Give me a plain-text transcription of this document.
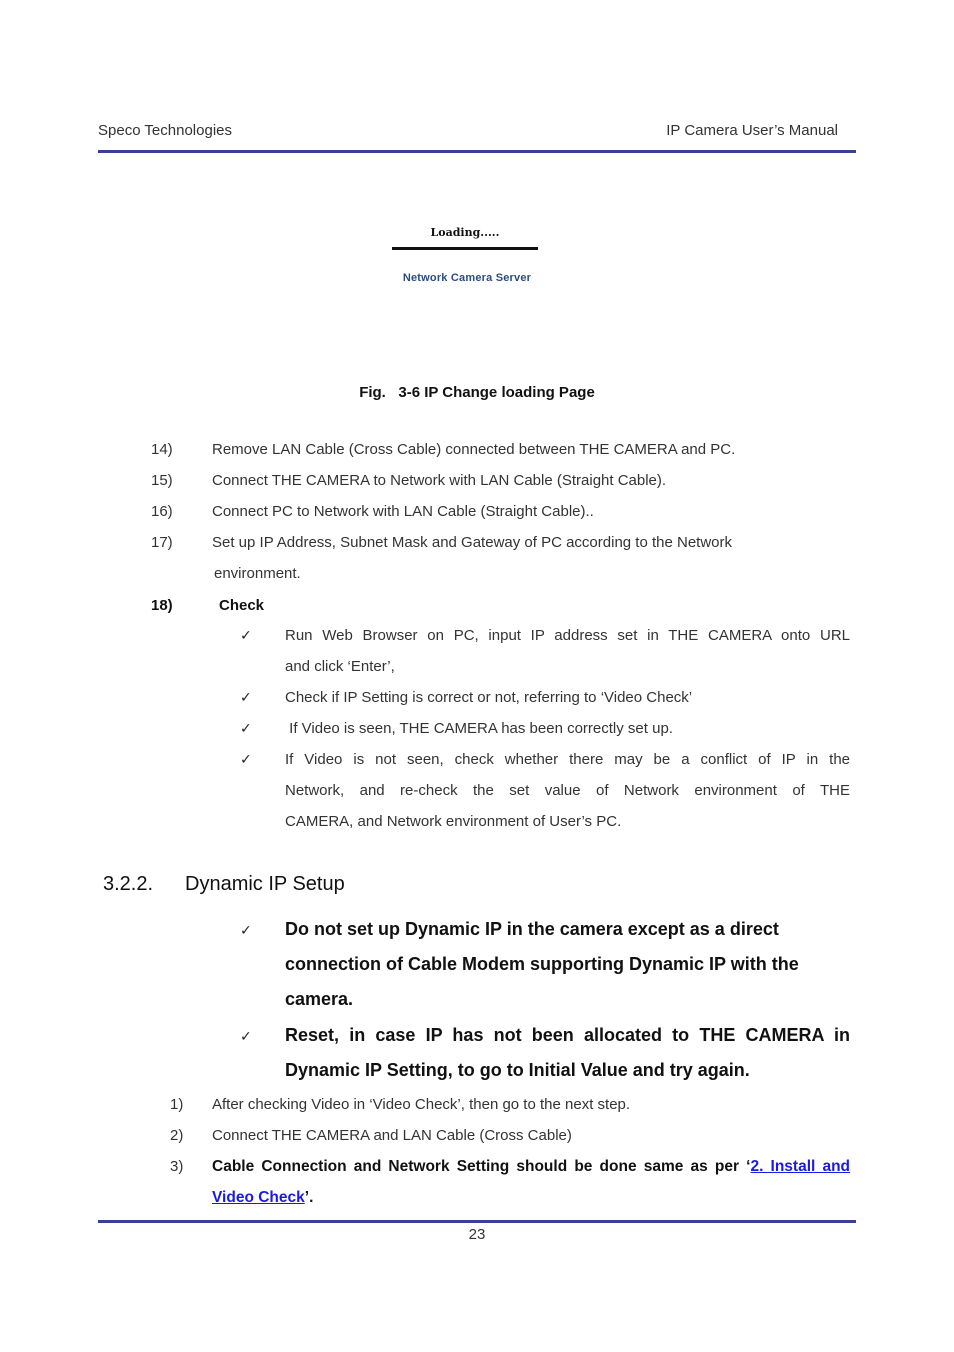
Speco Technologies	IP Camera User’s Manual
Loading.....
Network Camera Server
Fig.   3-6 IP Change loading Page
14)	Remove LAN Cable (Cross Cable) connected between THE CAMERA and PC.
15)	Connect THE CAMERA to Network with LAN Cable (Straight Cable).
16)	Connect PC to Network with LAN Cable (Straight Cable)..
17)	Set up IP Address, Subnet Mask and Gateway of PC according to the Network
environment.
18)	Check
✓ Run Web Browser on PC, input IP address set in THE CAMERA onto URL
and click ‘Enter’,
✓ Check if IP Setting is correct or not, referring to ‘Video Check’
✓ If Video is seen, THE CAMERA has been correctly set up.
✓ If Video is not seen, check whether there may be a conflict of IP in the
Network, and re-check the set value of Network environment of THE
CAMERA, and Network environment of User’s PC.
3.2.2. Dynamic IP Setup
✓ Do not set up Dynamic IP in the camera except as a direct
connection of Cable Modem supporting Dynamic IP with the
camera.
✓ Reset, in case IP has not been allocated to THE CAMERA in
Dynamic IP Setting, to go to Initial Value and try again.
1) After checking Video in ‘Video Check’, then go to the next step.
2) Connect THE CAMERA and LAN Cable (Cross Cable)
3) Cable Connection and Network Setting should be done same as per ‘2. Install and
Video Check’.
23
